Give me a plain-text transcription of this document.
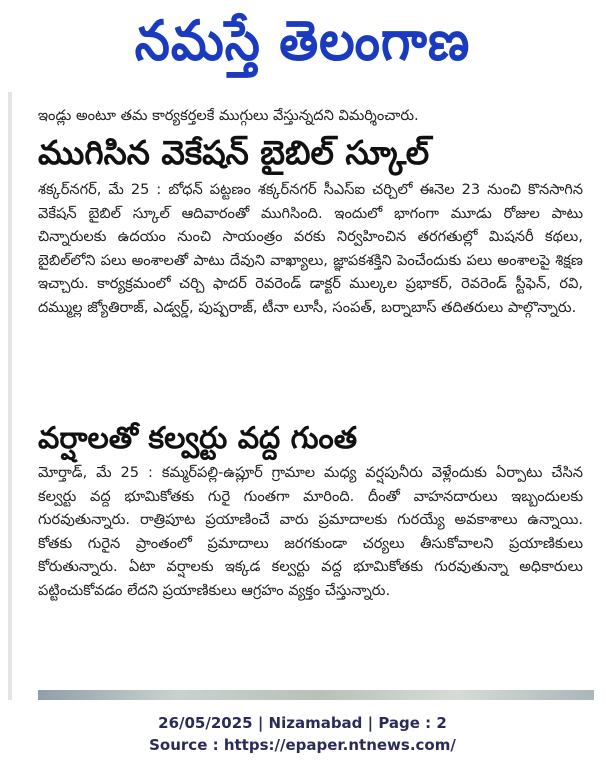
నమస్తే తెలంగాణ

ఇండ్లు అంటూ తమ కార్యకర్తలకే ముగ్గులు వేస్తున్నదని విమర్శించారు.

ముగిసిన వెకేషన్ బైబిల్ స్కూల్

శక్కర్‌నగర్, మే 25 : బోధన్ పట్టణం శక్కర్‌నగర్ సీఎస్ఐ చర్చిలో ఈనెల 23 నుంచి కొనసాగిన వెకేషన్ బైబిల్ స్కూల్ ఆదివారంతో ముగిసింది. ఇందులో భాగంగా మూడు రోజుల పాటు చిన్నారులకు ఉదయం నుంచి సాయంత్రం వరకు నిర్వహించిన తరగతుల్లో మిషనరీ కథలు, బైబిల్‌లోని పలు అంశాలతో పాటు దేవుని వాఖ్యాలు, జ్ఞాపకశక్తిని పెంచేందుకు పలు అంశాలపై శిక్షణ ఇచ్చారు. కార్యక్రమంలో చర్చి ఫాదర్ రెవరెండ్ డాక్టర్ ముల్కల ప్రభాకర్, రెవరెండ్ స్టీఫెన్, రవి, దమ్ముల్ల జ్యోతిరాజ్, ఎడ్వర్డ్, పుష్పరాజ్, టీనా లూసీ, సంపత్, బర్నాబాస్ తదితరులు పాల్గొన్నారు.

వర్షాలతో కల్వర్టు వద్ద గుంత

మోర్తాడ్, మే 25 : కమ్మర్‌పల్లి-ఉప్లూర్ గ్రామాల మధ్య వర్షపునీరు వెళ్లేందుకు ఏర్పాటు చేసిన కల్వర్టు వద్ద భూమికోతకు గురై గుంతగా మారింది. దీంతో వాహనదారులు ఇబ్బందులకు గురవుతున్నారు. రాత్రిపూట ప్రయాణించే వారు ప్రమాదాలకు గురయ్యే అవకాశాలు ఉన్నాయి. కోతకు గురైన ప్రాంతంలో ప్రమాదాలు జరగకుండా చర్యలు తీసుకోవాలని ప్రయాణికులు కోరుతున్నారు. ఏటా వర్షాలకు ఇక్కడ కల్వర్టు వద్ద భూమికోతకు గురవుతున్నా అధికారులు పట్టించుకోవడం లేదని ప్రయాణికులు ఆగ్రహం వ్యక్తం చేస్తున్నారు.

26/05/2025 | Nizamabad | Page : 2
Source : https://epaper.ntnews.com/
